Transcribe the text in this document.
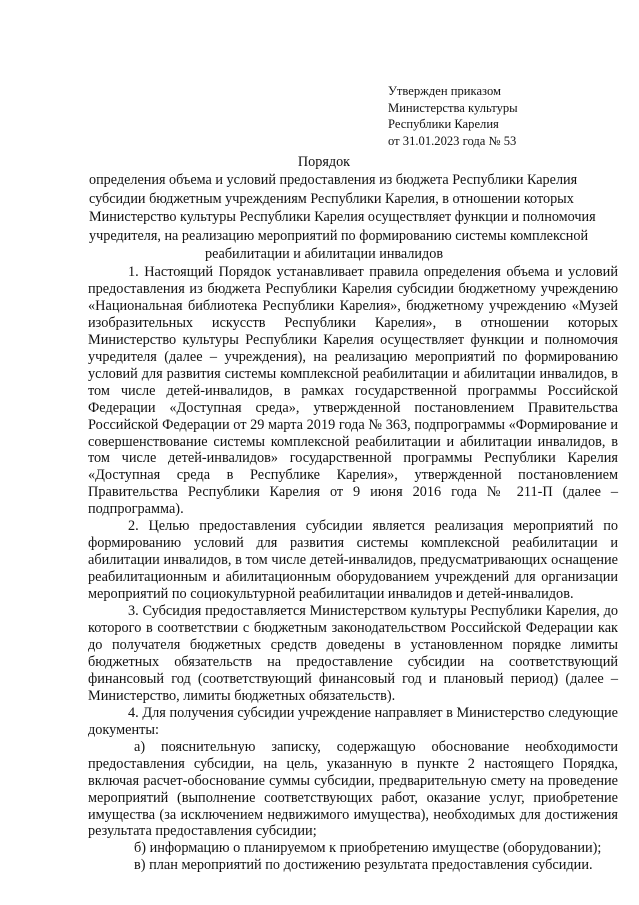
Утвержден приказом
Министерства культуры
Республики Карелия
от 31.01.2023 года № 53
Порядок
определения объема и условий предоставления из бюджета Республики Карелия
субсидии бюджетным учреждениям Республики Карелия, в отношении которых
Министерство культуры Республики Карелия осуществляет функции и полномочия
учредителя, на реализацию мероприятий по формированию системы комплексной
реабилитации и абилитации инвалидов

1. Настоящий Порядок устанавливает правила определения объема и условий предоставления из бюджета Республики Карелия субсидии бюджетному учреждению «Национальная библиотека Республики Карелия», бюджетному учреждению «Музей изобразительных искусств Республики Карелия», в отношении которых Министерство культуры Республики Карелия осуществляет функции и полномочия учредителя (далее – учреждения), на реализацию мероприятий по формированию условий для развития системы комплексной реабилитации и абилитации инвалидов, в том числе детей-инвалидов, в рамках государственной программы Российской Федерации «Доступная среда», утвержденной постановлением Правительства Российской Федерации от 29 марта 2019 года № 363, подпрограммы «Формирование и совершенствование системы комплексной реабилитации и абилитации инвалидов, в том числе детей-инвалидов» государственной программы Республики Карелия «Доступная среда в Республике Карелия», утвержденной постановлением Правительства Республики Карелия от 9 июня 2016 года № 211-П (далее – подпрограмма).

2. Целью предоставления субсидии является реализация мероприятий по формированию условий для развития системы комплексной реабилитации и абилитации инвалидов, в том числе детей-инвалидов, предусматривающих оснащение реабилитационным и абилитационным оборудованием учреждений для организации мероприятий по социокультурной реабилитации инвалидов и детей-инвалидов.

3. Субсидия предоставляется Министерством культуры Республики Карелия, до которого в соответствии с бюджетным законодательством Российской Федерации как до получателя бюджетных средств доведены в установленном порядке лимиты бюджетных обязательств на предоставление субсидии на соответствующий финансовый год (соответствующий финансовый год и плановый период) (далее – Министерство, лимиты бюджетных обязательств).

4. Для получения субсидии учреждение направляет в Министерство следующие документы:

а) пояснительную записку, содержащую обоснование необходимости предоставления субсидии, на цель, указанную в пункте 2 настоящего Порядка, включая расчет-обоснование суммы субсидии, предварительную смету на проведение мероприятий (выполнение соответствующих работ, оказание услуг, приобретение имущества (за исключением недвижимого имущества), необходимых для достижения результата предоставления субсидии;

б) информацию о планируемом к приобретению имуществе (оборудовании);

в) план мероприятий по достижению результата предоставления субсидии.
